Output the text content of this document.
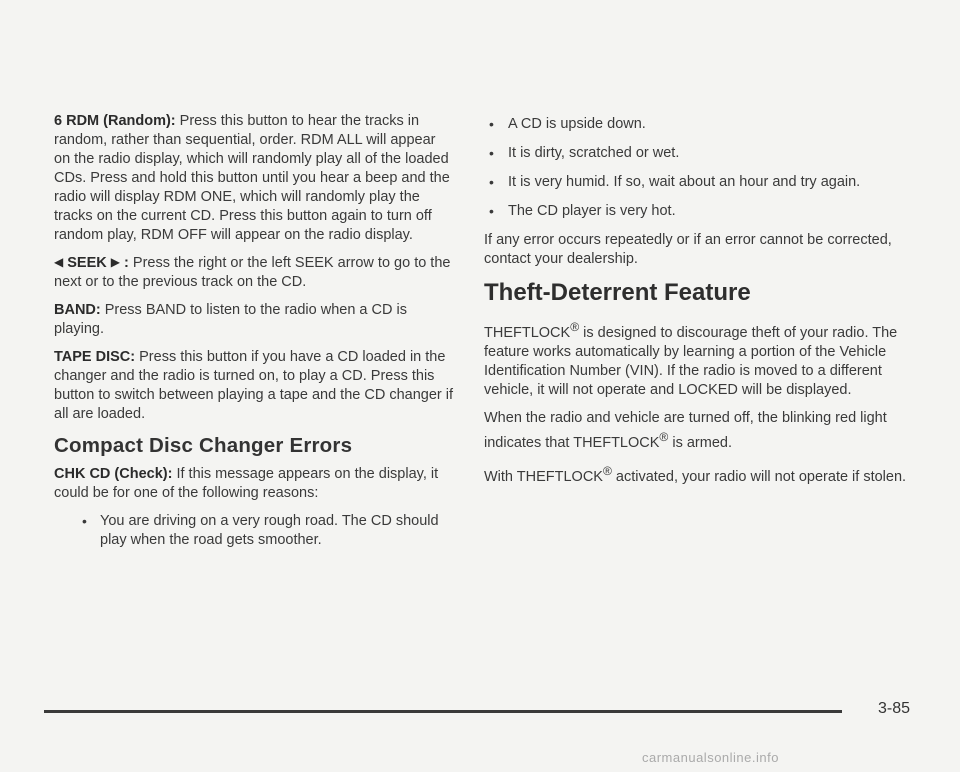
6 RDM (Random): Press this button to hear the tracks in random, rather than sequential, order. RDM ALL will appear on the radio display, which will randomly play all of the loaded CDs. Press and hold this button until you hear a beep and the radio will display RDM ONE, which will randomly play the tracks on the current CD. Press this button again to turn off random play, RDM OFF will appear on the radio display.

◀ SEEK ▶ : Press the right or the left SEEK arrow to go to the next or to the previous track on the CD.

BAND: Press BAND to listen to the radio when a CD is playing.

TAPE DISC: Press this button if you have a CD loaded in the changer and the radio is turned on, to play a CD. Press this button to switch between playing a tape and the CD changer if all are loaded.

Compact Disc Changer Errors

CHK CD (Check): If this message appears on the display, it could be for one of the following reasons:

• You are driving on a very rough road. The CD should play when the road gets smoother.
• A CD is upside down.
• It is dirty, scratched or wet.
• It is very humid. If so, wait about an hour and try again.
• The CD player is very hot.

If any error occurs repeatedly or if an error cannot be corrected, contact your dealership.

Theft-Deterrent Feature

THEFTLOCK® is designed to discourage theft of your radio. The feature works automatically by learning a portion of the Vehicle Identification Number (VIN). If the radio is moved to a different vehicle, it will not operate and LOCKED will be displayed.

When the radio and vehicle are turned off, the blinking red light indicates that THEFTLOCK® is armed.

With THEFTLOCK® activated, your radio will not operate if stolen.

3-85
carmanualsonline.info
